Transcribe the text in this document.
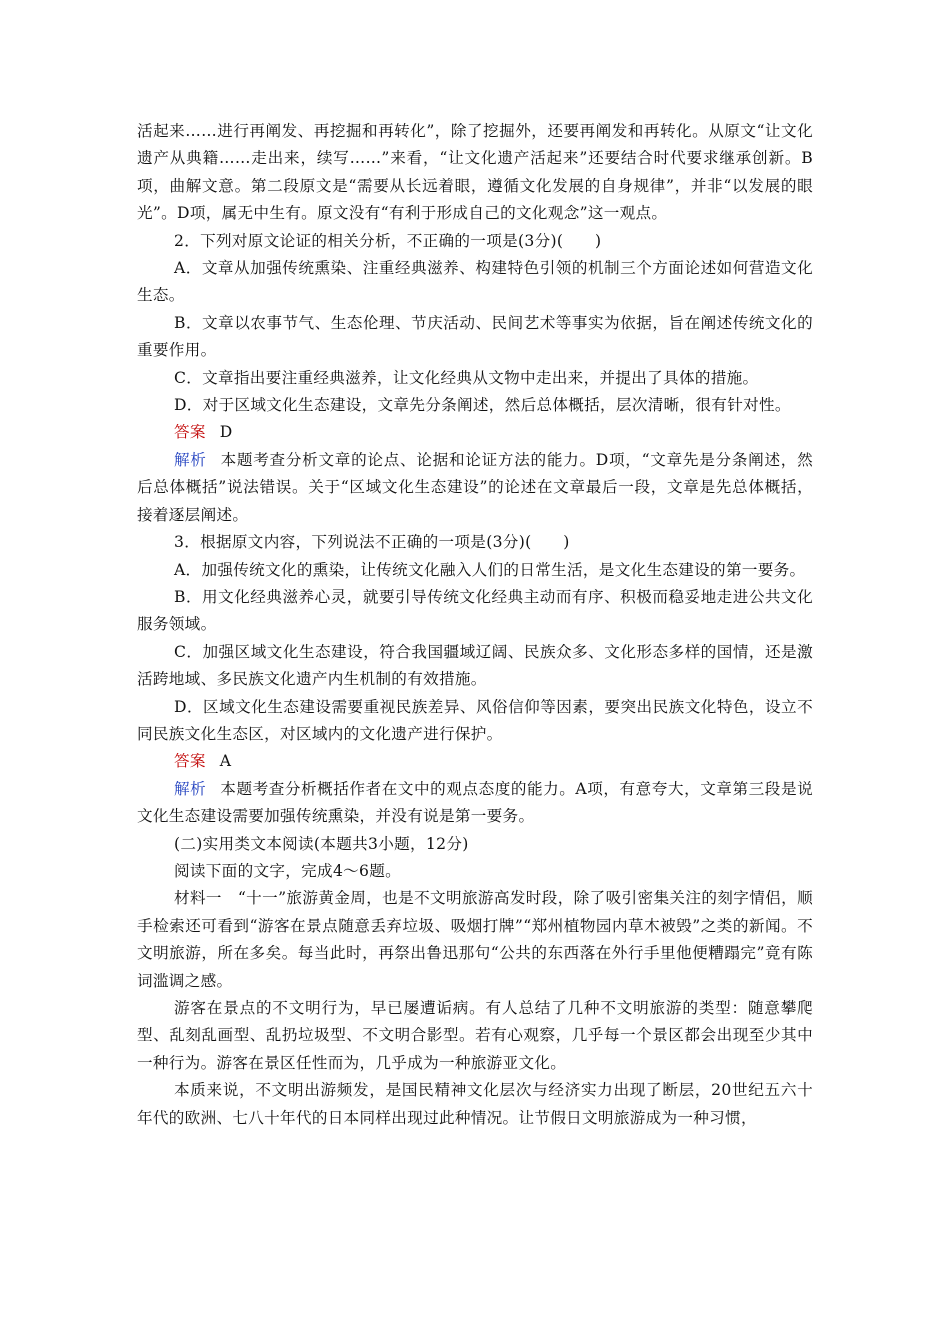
活起来……进行再阐发、再挖掘和再转化”，除了挖掘外，还要再阐发和再转化。从原文“让文化遗产从典籍……走出来，续写……”来看，“让文化遗产活起来”还要结合时代要求继承创新。B项，曲解文意。第二段原文是“需要从长远着眼，遵循文化发展的自身规律”，并非“以发展的眼光”。D项，属无中生有。原文没有“有利于形成自己的文化观念”这一观点。

2．下列对原文论证的相关分析，不正确的一项是(3分)(　　)

A．文章从加强传统熏染、注重经典滋养、构建特色引领的机制三个方面论述如何营造文化生态。

B．文章以农事节气、生态伦理、节庆活动、民间艺术等事实为依据，旨在阐述传统文化的重要作用。

C．文章指出要注重经典滋养，让文化经典从文物中走出来，并提出了具体的措施。

D．对于区域文化生态建设，文章先分条阐述，然后总体概括，层次清晰，很有针对性。

答案 D

解析 本题考查分析文章的论点、论据和论证方法的能力。D项，“文章先是分条阐述，然后总体概括”说法错误。关于“区域文化生态建设”的论述在文章最后一段，文章是先总体概括，接着逐层阐述。

3．根据原文内容，下列说法不正确的一项是(3分)(　　)

A．加强传统文化的熏染，让传统文化融入人们的日常生活，是文化生态建设的第一要务。

B．用文化经典滋养心灵，就要引导传统文化经典主动而有序、积极而稳妥地走进公共文化服务领域。

C．加强区域文化生态建设，符合我国疆域辽阔、民族众多、文化形态多样的国情，还是激活跨地域、多民族文化遗产内生机制的有效措施。

D．区域文化生态建设需要重视民族差异、风俗信仰等因素，要突出民族文化特色，设立不同民族文化生态区，对区域内的文化遗产进行保护。

答案 A

解析 本题考查分析概括作者在文中的观点态度的能力。A项，有意夸大，文章第三段是说文化生态建设需要加强传统熏染，并没有说是第一要务。

(二)实用类文本阅读(本题共3小题，12分)

阅读下面的文字，完成4～6题。

材料一　“十一”旅游黄金周，也是不文明旅游高发时段，除了吸引密集关注的刻字情侣，顺手检索还可看到“游客在景点随意丢弃垃圾、吸烟打牌”“郑州植物园内草木被毁”之类的新闻。不文明旅游，所在多矣。每当此时，再祭出鲁迅那句“公共的东西落在外行手里他便糟蹋完”竟有陈词滥调之感。

游客在景点的不文明行为，早已屡遭诟病。有人总结了几种不文明旅游的类型：随意攀爬型、乱刻乱画型、乱扔垃圾型、不文明合影型。若有心观察，几乎每一个景区都会出现至少其中一种行为。游客在景区任性而为，几乎成为一种旅游亚文化。

本质来说，不文明出游频发，是国民精神文化层次与经济实力出现了断层，20世纪五六十年代的欧洲、七八十年代的日本同样出现过此种情况。让节假日文明旅游成为一种习惯，
